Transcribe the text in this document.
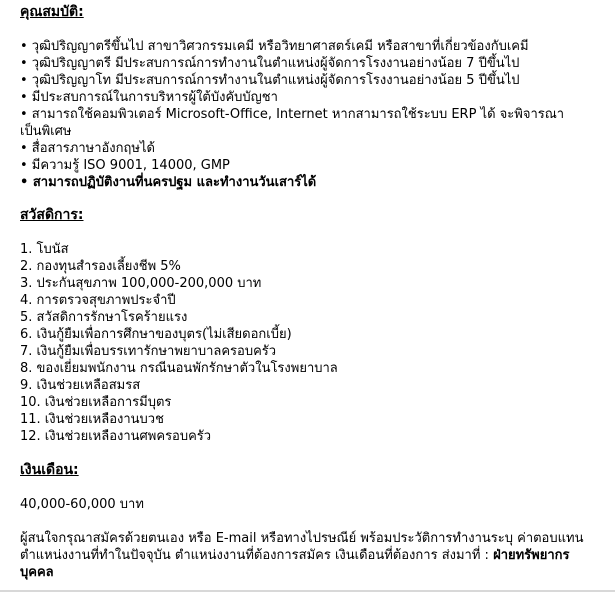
คุณสมบัติ:
• วุฒิปริญญาตรีขึ้นไป สาขาวิศวกรรมเคมี หรือวิทยาศาสตร์เคมี หรือสาขาที่เกี่ยวข้องกับเคมี
• วุฒิปริญญาตรี มีประสบการณ์การทำงานในตำแหน่งผู้จัดการโรงงานอย่างน้อย 7 ปีขึ้นไป
• วุฒิปริญญาโท มีประสบการณ์การทำงานในตำแหน่งผู้จัดการโรงงานอย่างน้อย 5 ปีขึ้นไป
• มีประสบการณ์ในการบริหารผู้ใต้บังคับบัญชา
• สามารถใช้คอมพิวเตอร์ Microsoft-Office, Internet หากสามารถใช้ระบบ ERP ได้ จะพิจารณาเป็นพิเศษ
• สื่อสารภาษาอังกฤษได้
• มีความรู้ ISO 9001, 14000, GMP
• สามารถปฏิบัติงานที่นครปฐม และทำงานวันเสาร์ได้
สวัสดิการ:
1. โบนัส
2. กองทุนสำรองเลี้ยงชีพ 5%
3. ประกันสุขภาพ 100,000-200,000 บาท
4. การตรวจสุขภาพประจำปี
5. สวัสดิการรักษาโรคร้ายแรง
6. เงินกู้ยืมเพื่อการศึกษาของบุตร(ไม่เสียดอกเบี้ย)
7. เงินกู้ยืมเพื่อบรรเทารักษาพยาบาลครอบครัว
8. ของเยี่ยมพนักงาน กรณีนอนพักรักษาตัวในโรงพยาบาล
9. เงินช่วยเหลือสมรส
10. เงินช่วยเหลือการมีบุตร
11. เงินช่วยเหลืองานบวช
12. เงินช่วยเหลืองานศพครอบครัว
เงินเดือน:
40,000-60,000 บาท
ผู้สนใจกรุณาสมัครด้วยตนเอง หรือ E-mail หรือทางไปรษณีย์ พร้อมประวัติการทำงานระบุ ค่าตอบแทน ตำแหน่งงานที่ทำในปัจจุบัน ตำแหน่งงานที่ต้องการสมัคร เงินเดือนที่ต้องการ ส่งมาที่ : ฝ่ายทรัพยากรบุคคล
